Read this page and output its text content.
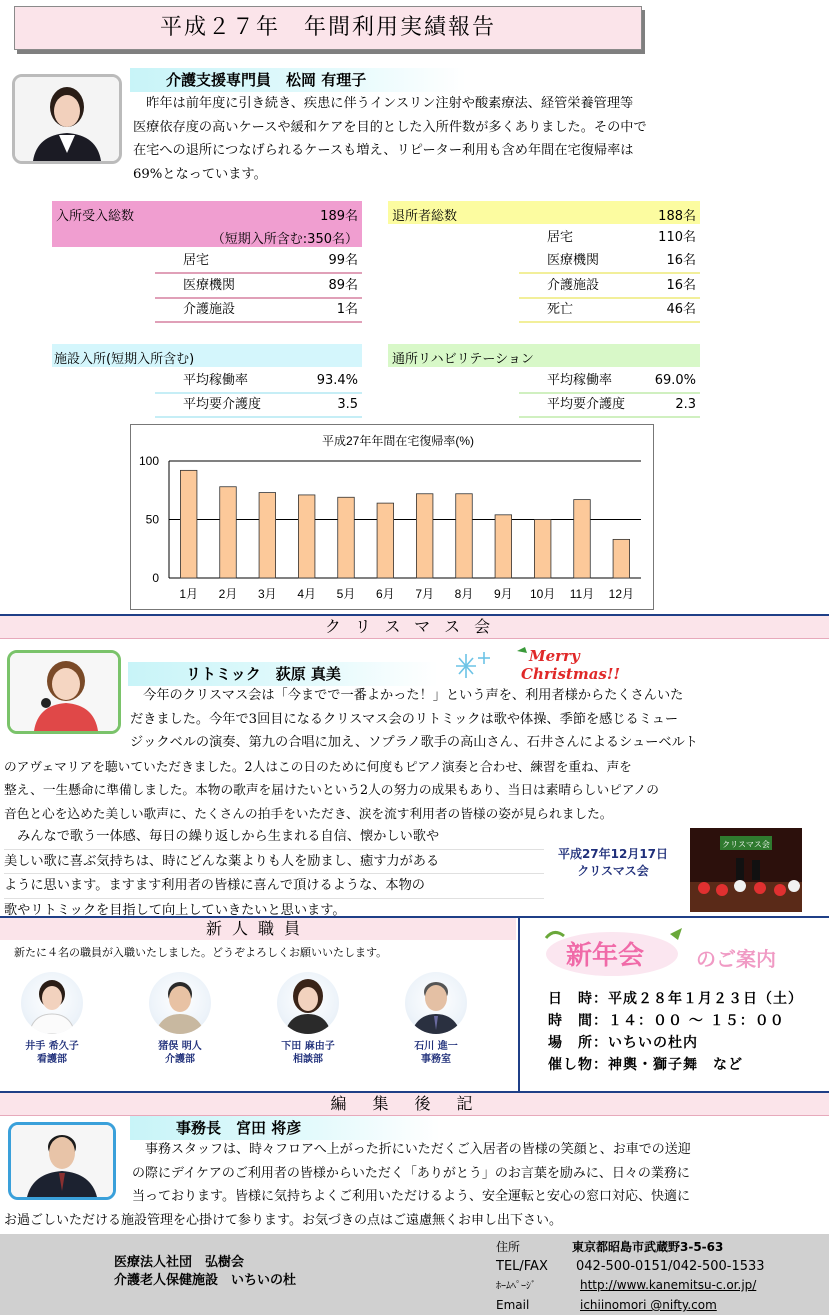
平成２７年　年間利用実績報告
介護支援専門員　松岡 有理子

　昨年は前年度に引き続き、疾患に伴うインスリン注射や酸素療法、経管栄養管理等

医療依存度の高いケースや緩和ケアを目的とした入所件数が多くありました。その中で

在宅への退所につなげられるケースも増え、リピーター利用も含め年間在宅復帰率は

69%となっています。

入所受入総数	189名
（短期入所含む:350名）
居宅	99名
医療機関	89名
介護施設	1名
退所者総数	188名
居宅	110名
医療機関	16名
介護施設	16名
死亡	46名
施設入所(短期入所含む)
平均稼働率	93.4%
平均要介護度	3.5
通所リハビリテーション
平均稼働率	69.0%
平均要介護度	2.3
平成27年年間在宅復帰率(%)
0
50
100
1月 2月 3月 4月 5月 6月 7月 8月 9月 10月 11月 12月
クリスマス会
リトミック　荻原 真美
Merry
Christmas!!

　今年のクリスマス会は「今までで一番よかった！」という声を、利用者様からたくさんいた

だきました。今年で3回目になるクリスマス会のリトミックは歌や体操、季節を感じるミュー

ジックベルの演奏、第九の合唱に加え、ソプラノ歌手の高山さん、石井さんによるシューベルト

のアヴェマリアを聴いていただきました。2人はこの日のために何度もピアノ演奏と合わせ、練習を重ね、声を

整え、一生懸命に準備しました。本物の歌声を届けたいという2人の努力の成果もあり、当日は素晴らしいピアノの

音色と心を込めた美しい歌声に、たくさんの拍手をいただき、涙を流す利用者の皆様の姿が見られました。

　みんなで歌う一体感、毎日の繰り返しから生まれる自信、懐かしい歌や

美しい歌に喜ぶ気持ちは、時にどんな薬よりも人を励まし、癒す力がある

ように思います。ますます利用者の皆様に喜んで頂けるような、本物の

歌やリトミックを目指して向上していきたいと思います。

平成27年12月17日
クリスマス会
クリスマス会
新人職員
新たに４名の職員が入職いたしました。どうぞよろしくお願いいたします。
井手 希久子
看護部
猪俣 明人
介護部
下田 麻由子
相談部
石川 進一
事務室
新年会	のご案内
日　時：平成２８年１月２３日（土）
時　間：１４：００ ～ １５：００
場　所：いちいの杜内
催し物：神輿・獅子舞　など
編集後記
事務長　宮田 将彦

　事務スタッフは、時々フロアへ上がった折にいただくご入居者の皆様の笑顔と、お車での送迎

の際にデイケアのご利用者の皆様からいただく「ありがとう」のお言葉を励みに、日々の業務に

当っております。皆様に気持ちよくご利用いただけるよう、安全運転と安心の窓口対応、快適に

お過ごしいただける施設管理を心掛けて参ります。お気づきの点はご遠慮無くお申し出下さい。

医療法人社団　弘樹会
介護老人保健施設　いちいの杜
住所	東京都昭島市武蔵野3-5-63
TEL/FAX 042-500-0151/042-500-1533
ﾎｰﾑﾍﾟｰｼﾞ	http://www.kanemitsu-c.or.jp/
Email	ichiinomori @nifty.com
